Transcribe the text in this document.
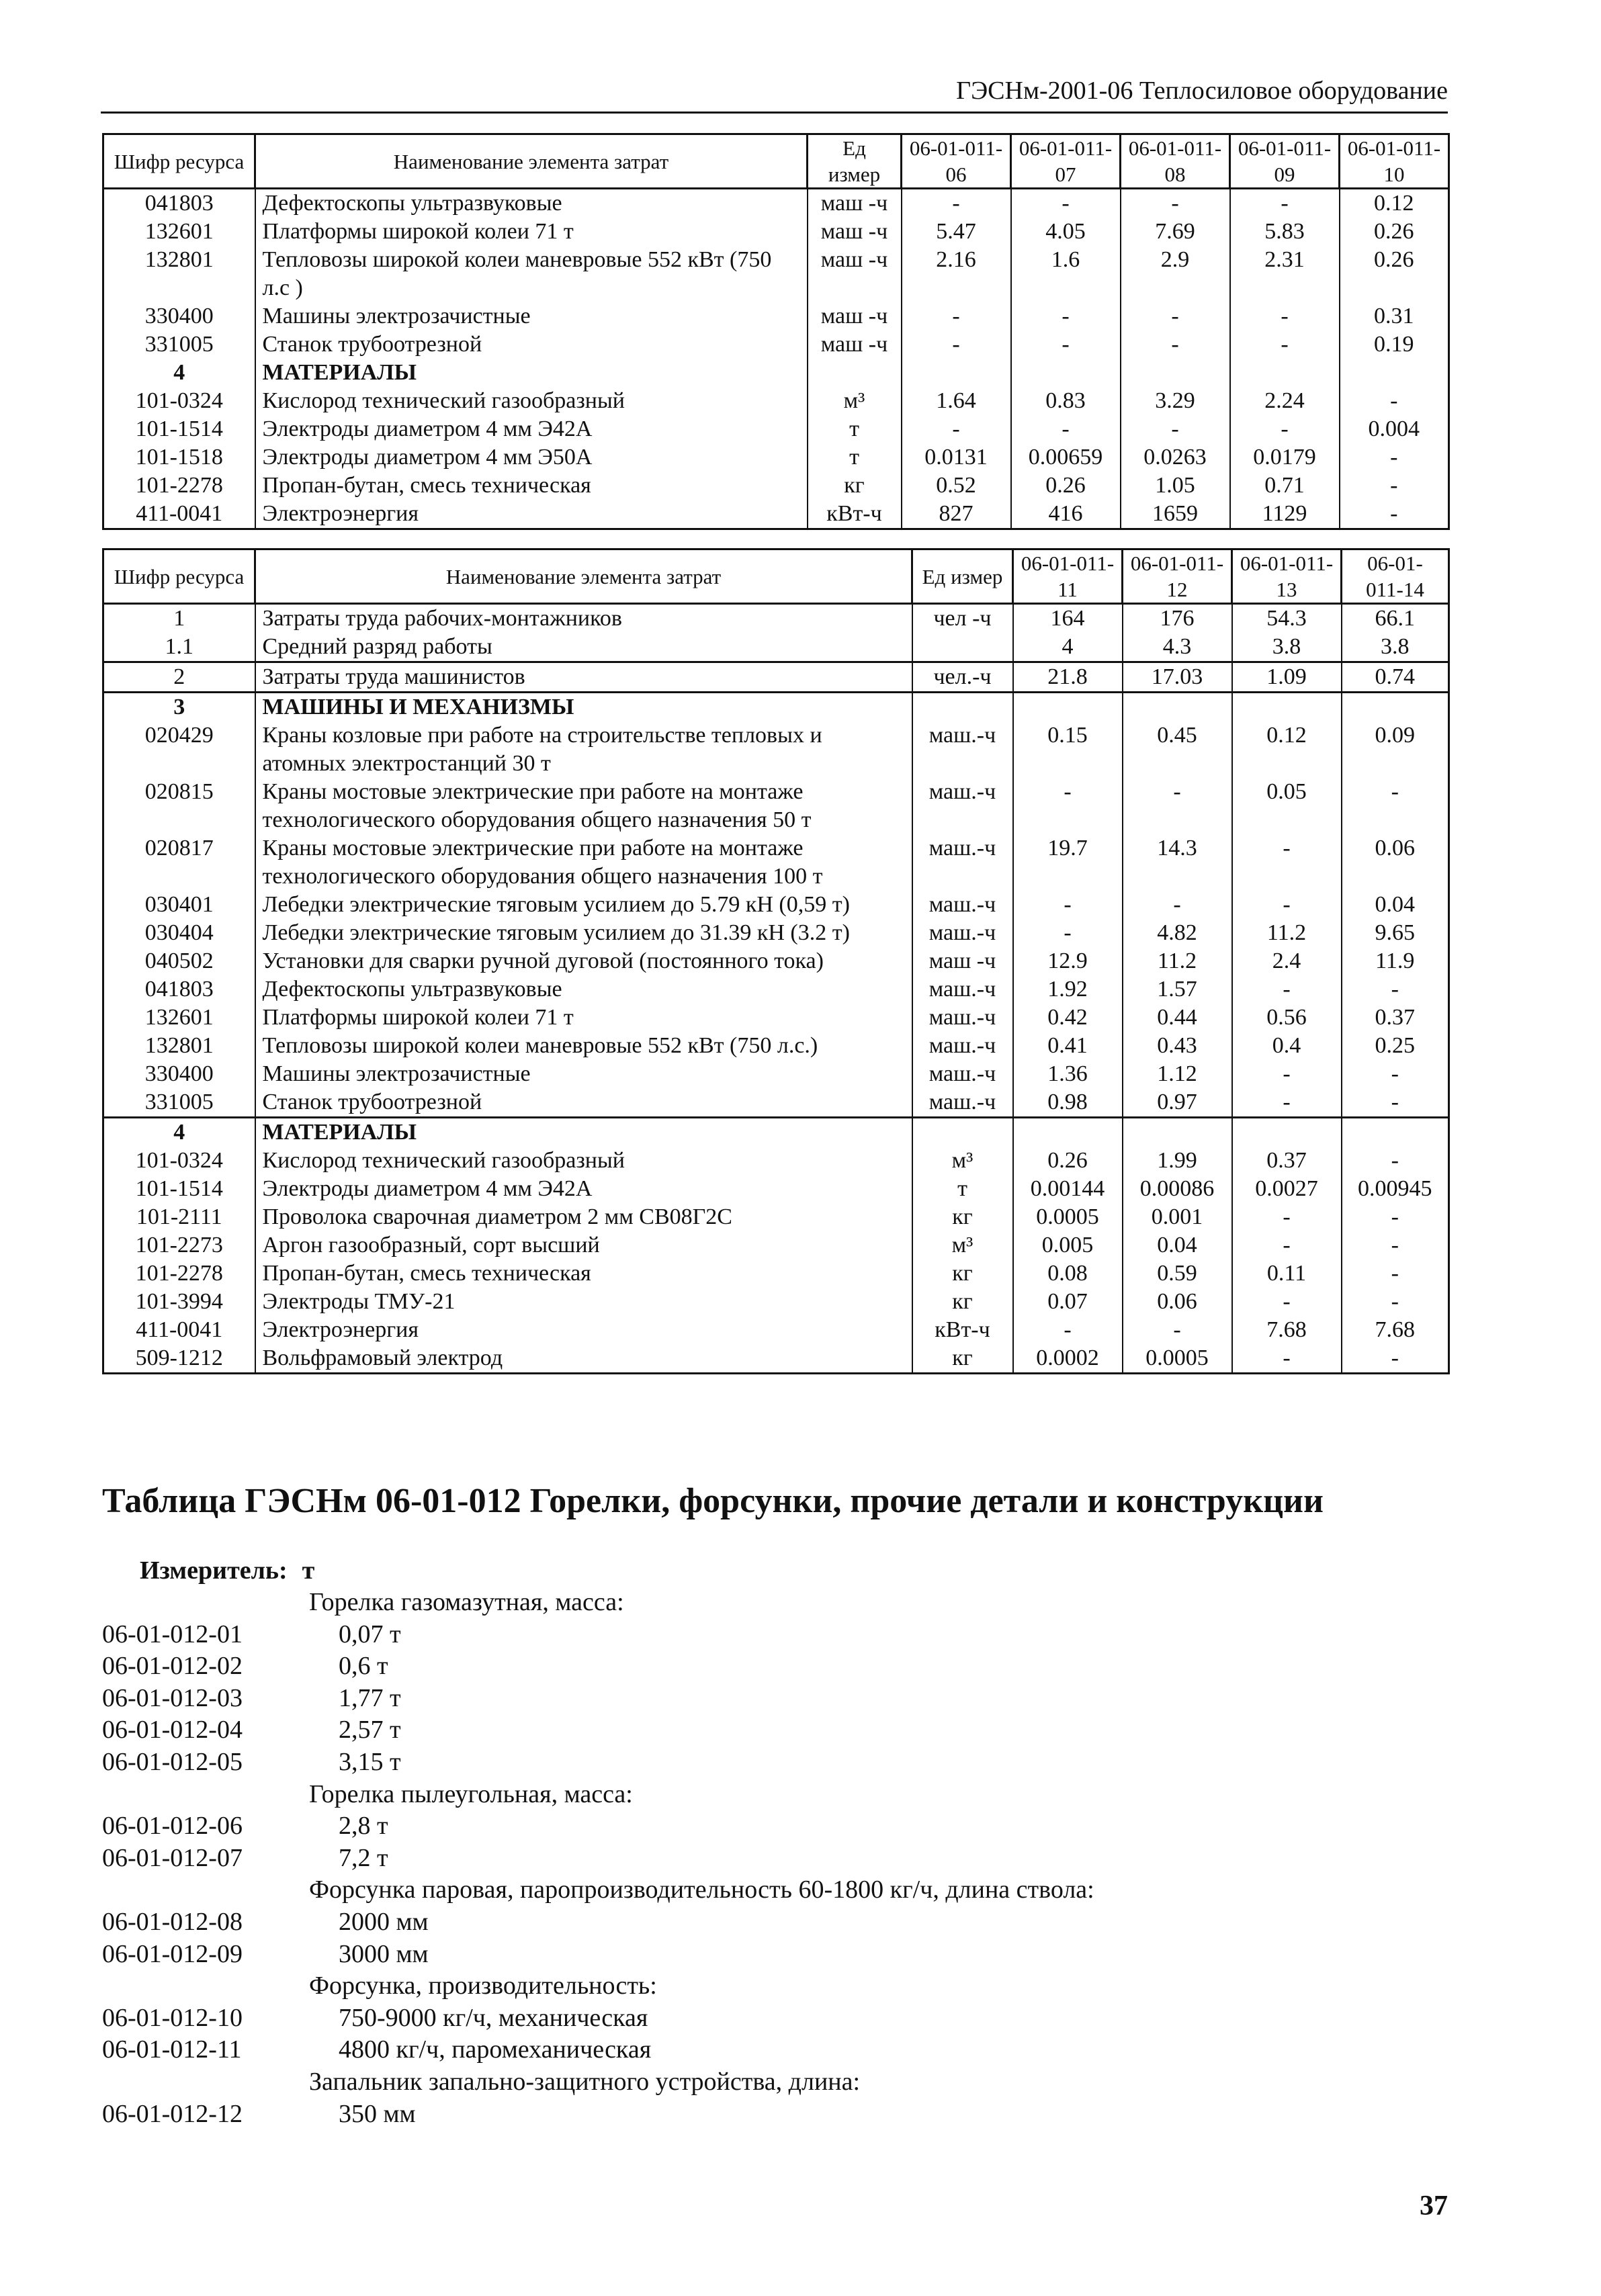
ГЭСНм-2001-06 Теплосиловое оборудование
Шифр ресурса	Наименование элемента затрат	Ед измер	06-01-011-06	06-01-011-07	06-01-011-08	06-01-011-09	06-01-011-10
041803	Дефектоскопы ультразвуковые	маш -ч	-	-	-	-	0.12
132601	Платформы широкой колеи 71 т	маш -ч	5.47	4.05	7.69	5.83	0.26
132801	Тепловозы широкой колеи маневровые 552 кВт (750 л.с )	маш -ч	2.16	1.6	2.9	2.31	0.26
330400	Машины электрозачистные	маш -ч	-	-	-	-	0.31
331005	Станок трубоотрезной	маш -ч	-	-	-	-	0.19
4	МАТЕРИАЛЫ						
101-0324	Кислород технический газообразный	м³	1.64	0.83	3.29	2.24	-
101-1514	Электроды диаметром 4 мм Э42А	т	-	-	-	-	0.004
101-1518	Электроды диаметром 4 мм Э50А	т	0.0131	0.00659	0.0263	0.0179	-
101-2278	Пропан-бутан, смесь техническая	кг	0.52	0.26	1.05	0.71	-
411-0041	Электроэнергия	кВт-ч	827	416	1659	1129	-
Шифр ресурса	Наименование элемента затрат	Ед измер	06-01-011-11	06-01-011-12	06-01-011-13	06-01-011-14
1	Затраты труда рабочих-монтажников	чел -ч	164	176	54.3	66.1
1.1	Средний разряд работы		4	4.3	3.8	3.8
2	Затраты труда машинистов	чел.-ч	21.8	17.03	1.09	0.74
3	МАШИНЫ И МЕХАНИЗМЫ					
020429	Краны козловые при работе на строительстве тепловых и атомных электростанций 30 т	маш.-ч	0.15	0.45	0.12	0.09
020815	Краны мостовые электрические при работе на монтаже технологического оборудования общего назначения 50 т	маш.-ч	-	-	0.05	-
020817	Краны мостовые электрические при работе на монтаже технологического оборудования общего назначения 100 т	маш.-ч	19.7	14.3	-	0.06
030401	Лебедки электрические тяговым усилием до 5.79 кН (0,59 т)	маш.-ч	-	-	-	0.04
030404	Лебедки электрические тяговым усилием до 31.39 кН (3.2 т)	маш.-ч	-	4.82	11.2	9.65
040502	Установки для сварки ручной дуговой (постоянного тока)	маш -ч	12.9	11.2	2.4	11.9
041803	Дефектоскопы ультразвуковые	маш.-ч	1.92	1.57	-	-
132601	Платформы широкой колеи 71 т	маш.-ч	0.42	0.44	0.56	0.37
132801	Тепловозы широкой колеи маневровые 552 кВт (750 л.с.)	маш.-ч	0.41	0.43	0.4	0.25
330400	Машины электрозачистные	маш.-ч	1.36	1.12	-	-
331005	Станок трубоотрезной	маш.-ч	0.98	0.97	-	-
4	МАТЕРИАЛЫ					
101-0324	Кислород технический газообразный	м³	0.26	1.99	0.37	-
101-1514	Электроды диаметром 4 мм Э42А	т	0.00144	0.00086	0.0027	0.00945
101-2111	Проволока сварочная диаметром 2 мм СВ08Г2С	кг	0.0005	0.001	-	-
101-2273	Аргон газообразный, сорт высший	м³	0.005	0.04	-	-
101-2278	Пропан-бутан, смесь техническая	кг	0.08	0.59	0.11	-
101-3994	Электроды ТМУ-21	кг	0.07	0.06	-	-
411-0041	Электроэнергия	кВт-ч	-	-	7.68	7.68
509-1212	Вольфрамовый электрод	кг	0.0002	0.0005	-	-
Таблица ГЭСНм 06-01-012 Горелки, форсунки, прочие детали и конструкции
Измеритель: т
Горелка газомазутная, масса:
06-01-012-01	0,07 т
06-01-012-02	0,6 т
06-01-012-03	1,77 т
06-01-012-04	2,57 т
06-01-012-05	3,15 т
Горелка пылеугольная, масса:
06-01-012-06	2,8 т
06-01-012-07	7,2 т
Форсунка паровая, паропроизводительность 60-1800 кг/ч, длина ствола:
06-01-012-08	2000 мм
06-01-012-09	3000 мм
Форсунка, производительность:
06-01-012-10	750-9000 кг/ч, механическая
06-01-012-11	4800 кг/ч, паромеханическая
Запальник запально-защитного устройства, длина:
06-01-012-12	350 мм
37
